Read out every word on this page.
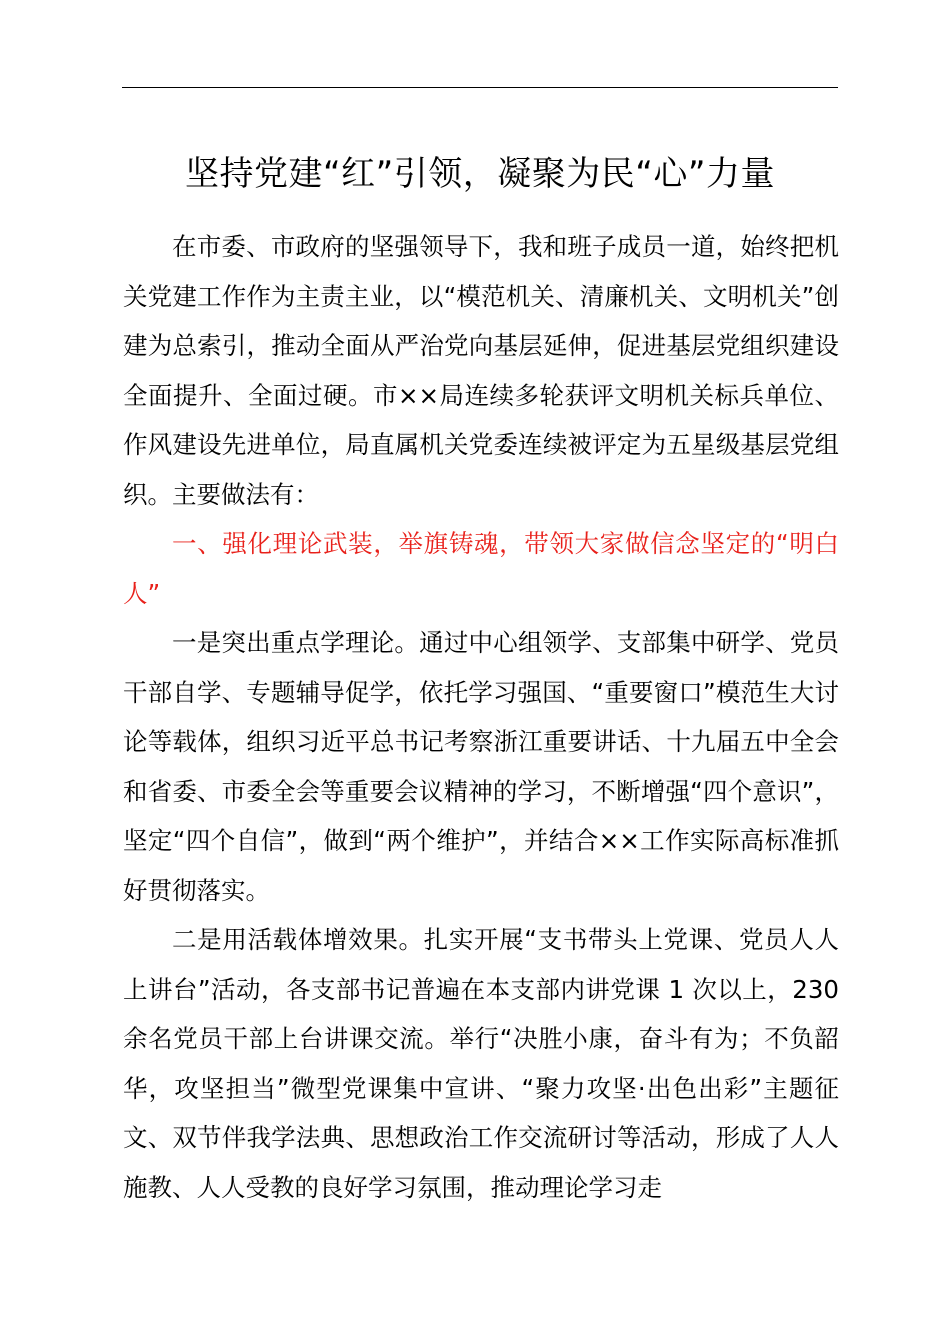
坚持党建“红”引领，凝聚为民“心”力量

在市委、市政府的坚强领导下，我和班子成员一道，始终把机关党建工作作为主责主业，以“模范机关、清廉机关、文明机关”创建为总索引，推动全面从严治党向基层延伸，促进基层党组织建设全面提升、全面过硬。市××局连续多轮获评文明机关标兵单位、作风建设先进单位，局直属机关党委连续被评定为五星级基层党组织。主要做法有：

一、强化理论武装，举旗铸魂，带领大家做信念坚定的“明白人”

一是突出重点学理论。通过中心组领学、支部集中研学、党员干部自学、专题辅导促学，依托学习强国、“重要窗口”模范生大讨论等载体，组织习近平总书记考察浙江重要讲话、十九届五中全会和省委、市委全会等重要会议精神的学习，不断增强“四个意识”，坚定“四个自信”，做到“两个维护”，并结合××工作实际高标准抓好贯彻落实。

二是用活载体增效果。扎实开展“支书带头上党课、党员人人上讲台”活动，各支部书记普遍在本支部内讲党课 1 次以上，230 余名党员干部上台讲课交流。举行“决胜小康，奋斗有为；不负韶华，攻坚担当”微型党课集中宣讲、“聚力攻坚·出色出彩”主题征文、双节伴我学法典、思想政治工作交流研讨等活动，形成了人人施教、人人受教的良好学习氛围，推动理论学习走
